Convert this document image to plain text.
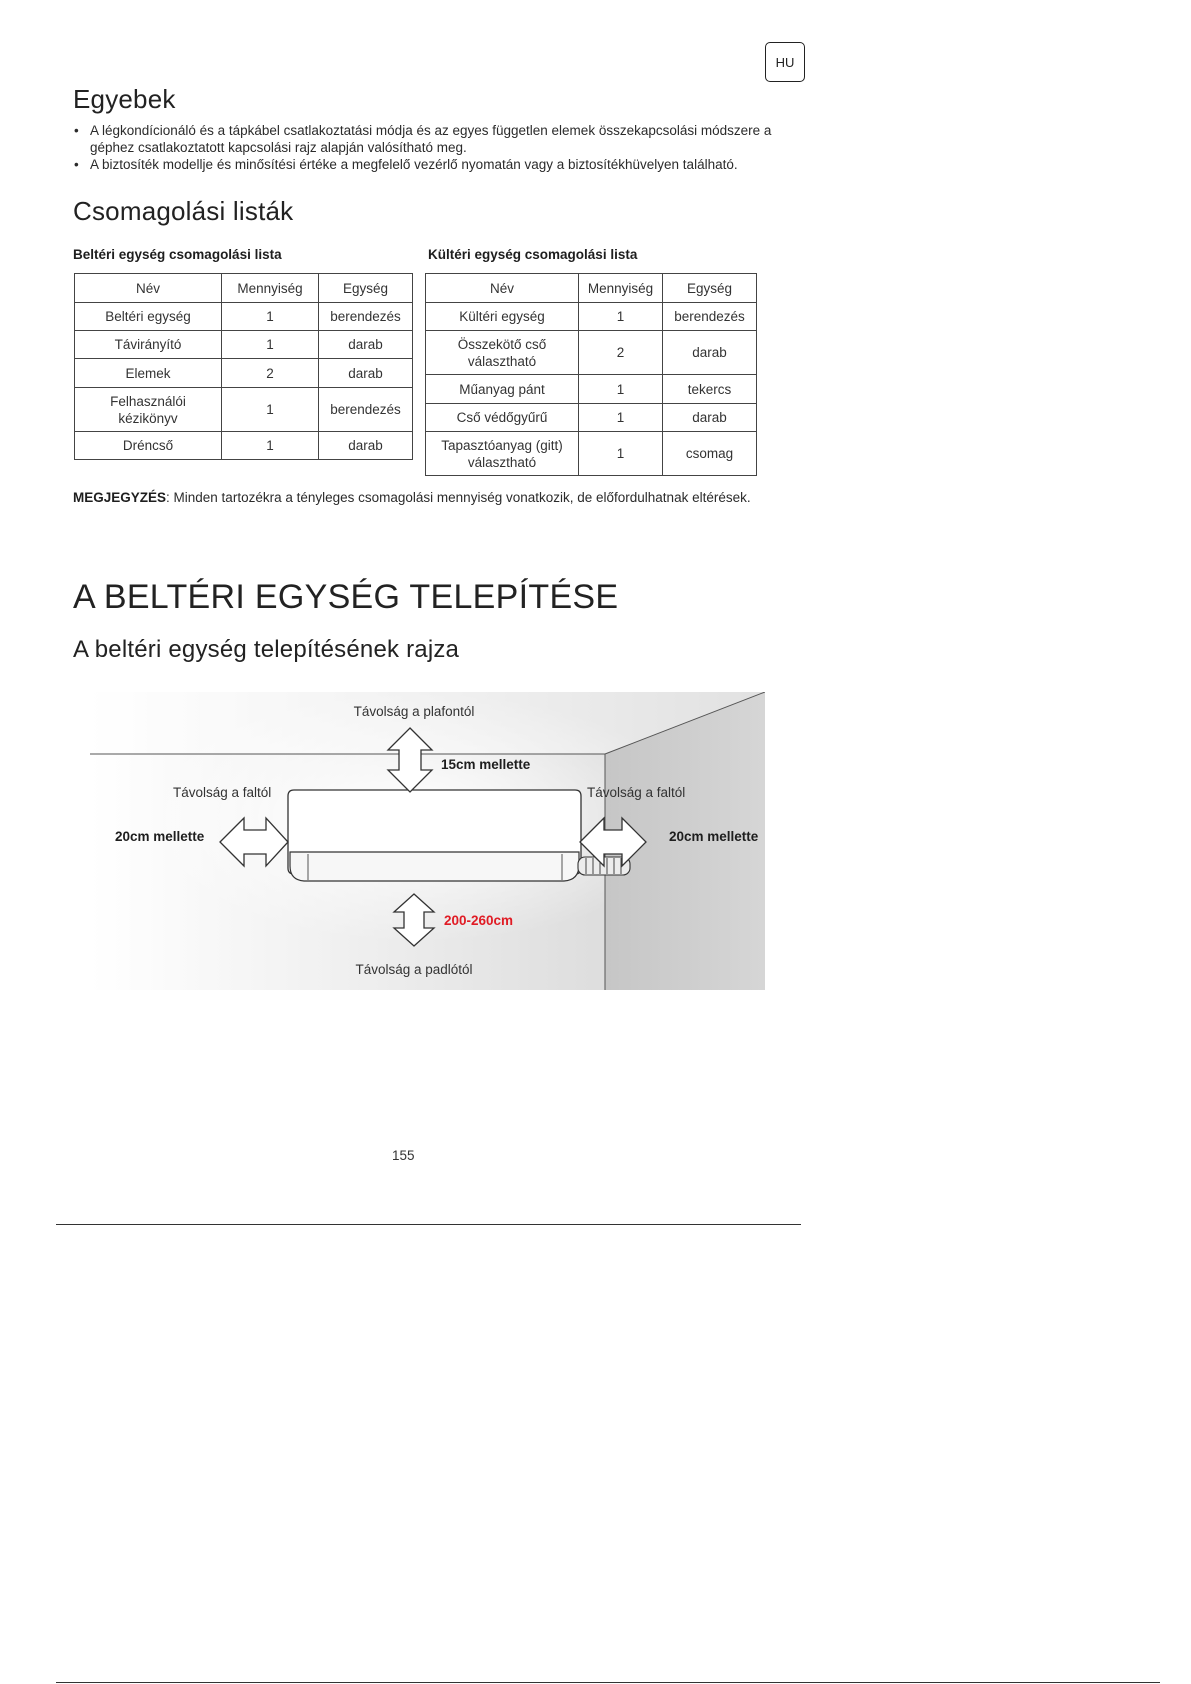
HU
Egyebek
• A légkondícionáló és a tápkábel csatlakoztatási módja és az egyes független elemek összekapcsolási módszere a géphez csatlakoztatott kapcsolási rajz alapján valósítható meg.
• A biztosíték modellje és minősítési értéke a megfelelő vezérlő nyomatán vagy a biztosítékhüvelyen található.
Csomagolási listák

Beltéri egység csomagolási lista

Név	Mennyiség	Egység
Beltéri egység	1	berendezés
Távirányító	1	darab
Elemek	2	darab
Felhasználói kézikönyv	1	berendezés
Dréncső	1	darab

Kültéri egység csomagolási lista

Név	Mennyiség	Egység
Kültéri egység	1	berendezés
Összekötő cső választható	2	darab
Műanyag pánt	1	tekercs
Cső védőgyűrű	1	darab
Tapasztóanyag (gitt) választható	1	csomag

MEGJEGYZÉS: Minden tartozékra a tényleges csomagolási mennyiség vonatkozik, de előfordulhatnak eltérések.

A BELTÉRI EGYSÉG TELEPÍTÉSE
A beltéri egység telepítésének rajza
Távolság a plafontól
15cm mellette
Távolság a faltól
20cm mellette
Távolság a faltól
20cm mellette
200-260cm
Távolság a padlótól
155
